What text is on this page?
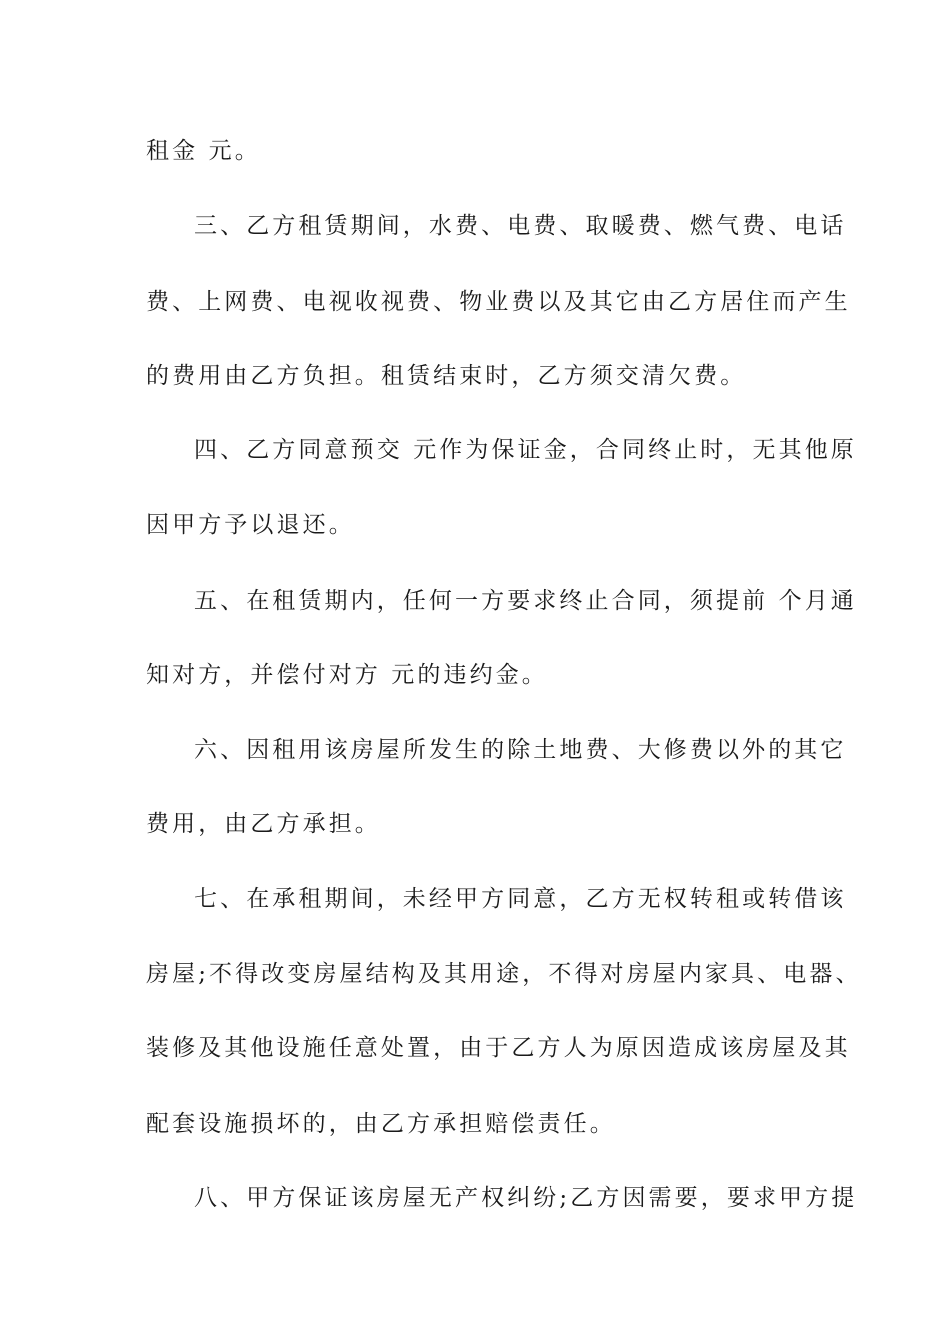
租金 元。
三、乙方租赁期间，水费、电费、取暖费、燃气费、电话
费、上网费、电视收视费、物业费以及其它由乙方居住而产生
的费用由乙方负担。租赁结束时，乙方须交清欠费。
四、乙方同意预交 元作为保证金，合同终止时，无其他原
因甲方予以退还。
五、在租赁期内，任何一方要求终止合同，须提前 个月通
知对方，并偿付对方 元的违约金。
六、因租用该房屋所发生的除土地费、大修费以外的其它
费用，由乙方承担。
七、在承租期间，未经甲方同意，乙方无权转租或转借该
房屋;不得改变房屋结构及其用途，不得对房屋内家具、电器、
装修及其他设施任意处置，由于乙方人为原因造成该房屋及其
配套设施损坏的，由乙方承担赔偿责任。
八、甲方保证该房屋无产权纠纷;乙方因需要，要求甲方提
